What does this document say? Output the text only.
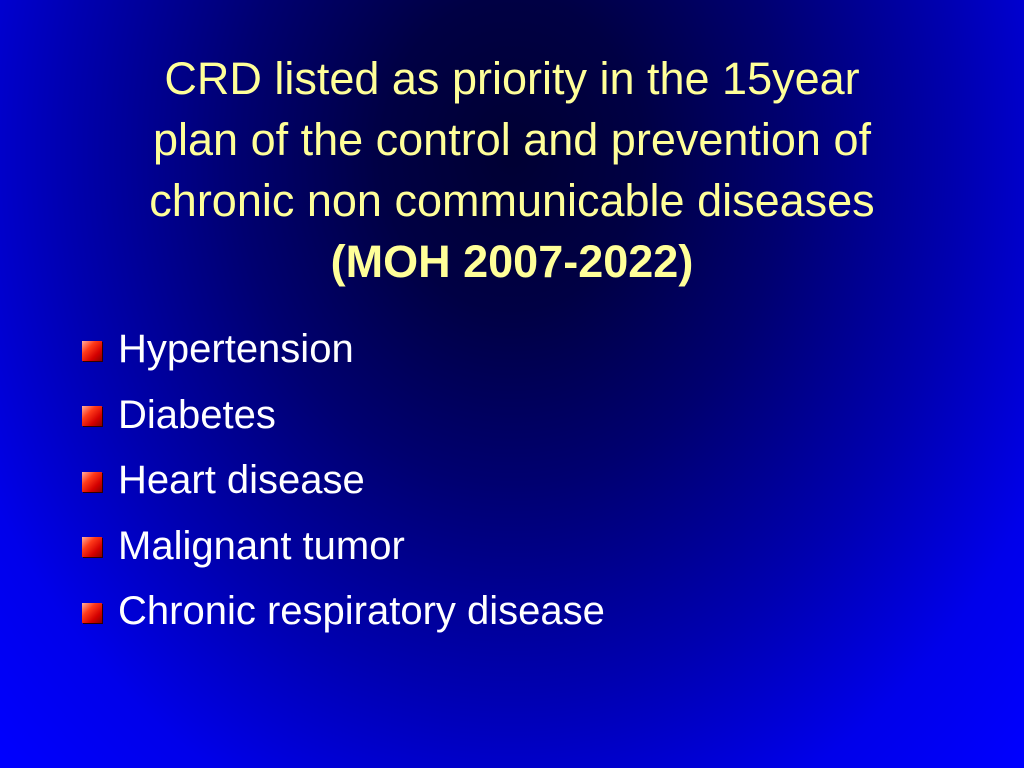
CRD listed as priority in the 15year
plan of the control and prevention of
chronic non communicable diseases
(MOH 2007-2022)
Hypertension
Diabetes
Heart disease
Malignant tumor
Chronic respiratory disease
